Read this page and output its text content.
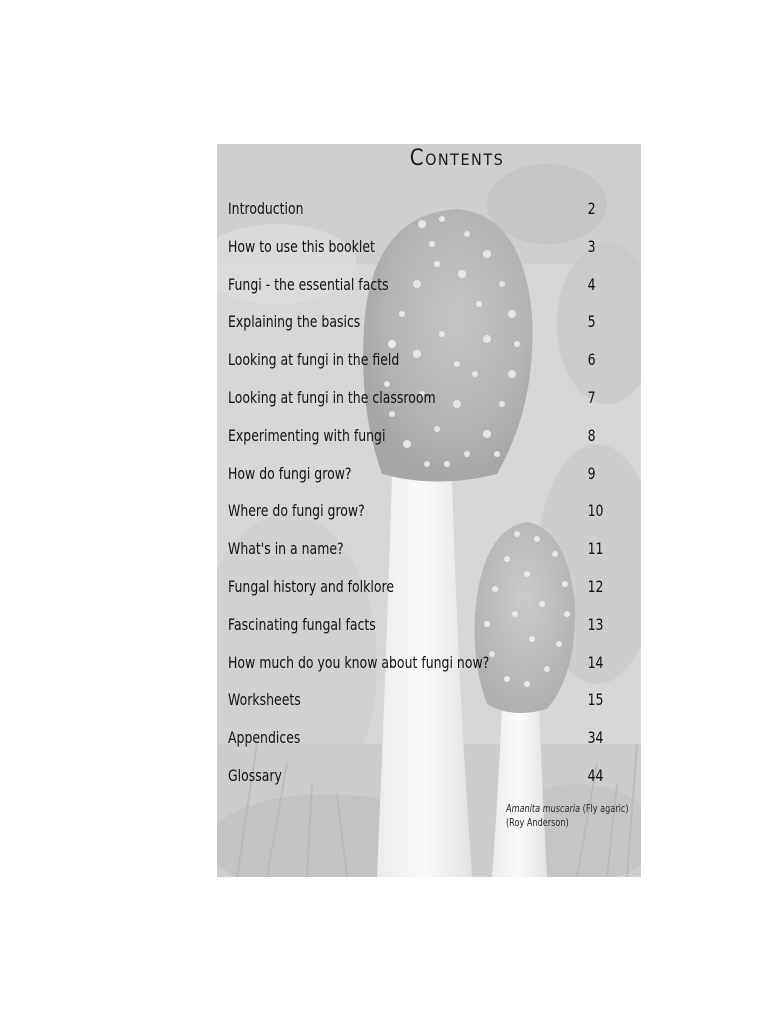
CONTENTS
Introduction	2
How to use this booklet	3
Fungi - the essential facts	4
Explaining the basics	5
Looking at fungi in the field	6
Looking at fungi in the classroom	7
Experimenting with fungi	8
How do fungi grow?	9
Where do fungi grow?	10
What's in a name?	11
Fungal history and folklore	12
Fascinating fungal facts	13
How much do you know about fungi now?	14
Worksheets	15
Appendices	34
Glossary	44
Amanita muscaria (Fly agaric)
(Roy Anderson)
